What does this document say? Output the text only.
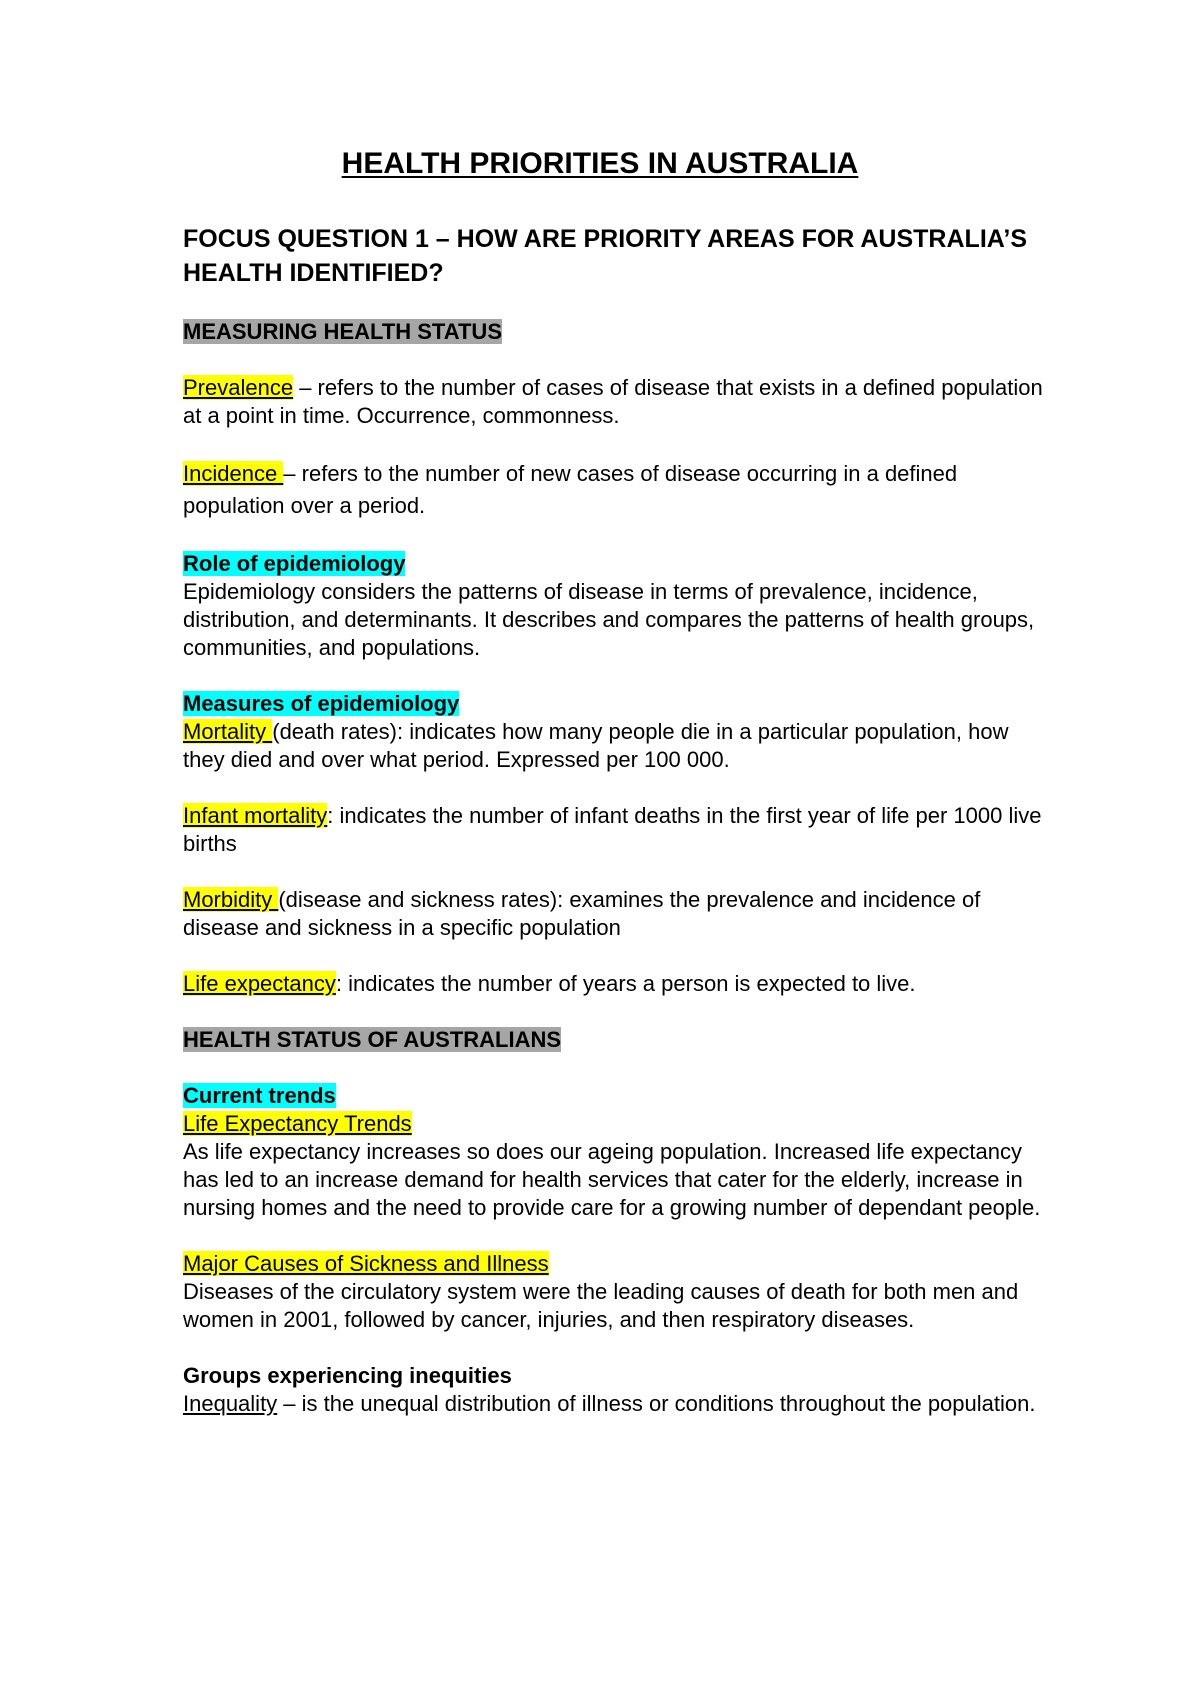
HEALTH PRIORITIES IN AUSTRALIA

FOCUS QUESTION 1 – HOW ARE PRIORITY AREAS FOR AUSTRALIA’S HEALTH IDENTIFIED?

MEASURING HEALTH STATUS

Prevalence – refers to the number of cases of disease that exists in a defined population at a point in time. Occurrence, commonness.

Incidence – refers to the number of new cases of disease occurring in a defined population over a period.

Role of epidemiology

Epidemiology considers the patterns of disease in terms of prevalence, incidence, distribution, and determinants. It describes and compares the patterns of health groups, communities, and populations.

Measures of epidemiology

Mortality (death rates): indicates how many people die in a particular population, how they died and over what period. Expressed per 100 000.

Infant mortality: indicates the number of infant deaths in the first year of life per 1000 live births

Morbidity (disease and sickness rates): examines the prevalence and incidence of disease and sickness in a specific population

Life expectancy: indicates the number of years a person is expected to live.

HEALTH STATUS OF AUSTRALIANS

Current trends

Life Expectancy Trends

As life expectancy increases so does our ageing population. Increased life expectancy has led to an increase demand for health services that cater for the elderly, increase in nursing homes and the need to provide care for a growing number of dependant people.

Major Causes of Sickness and Illness

Diseases of the circulatory system were the leading causes of death for both men and women in 2001, followed by cancer, injuries, and then respiratory diseases.

Groups experiencing inequities

Inequality – is the unequal distribution of illness or conditions throughout the population.
